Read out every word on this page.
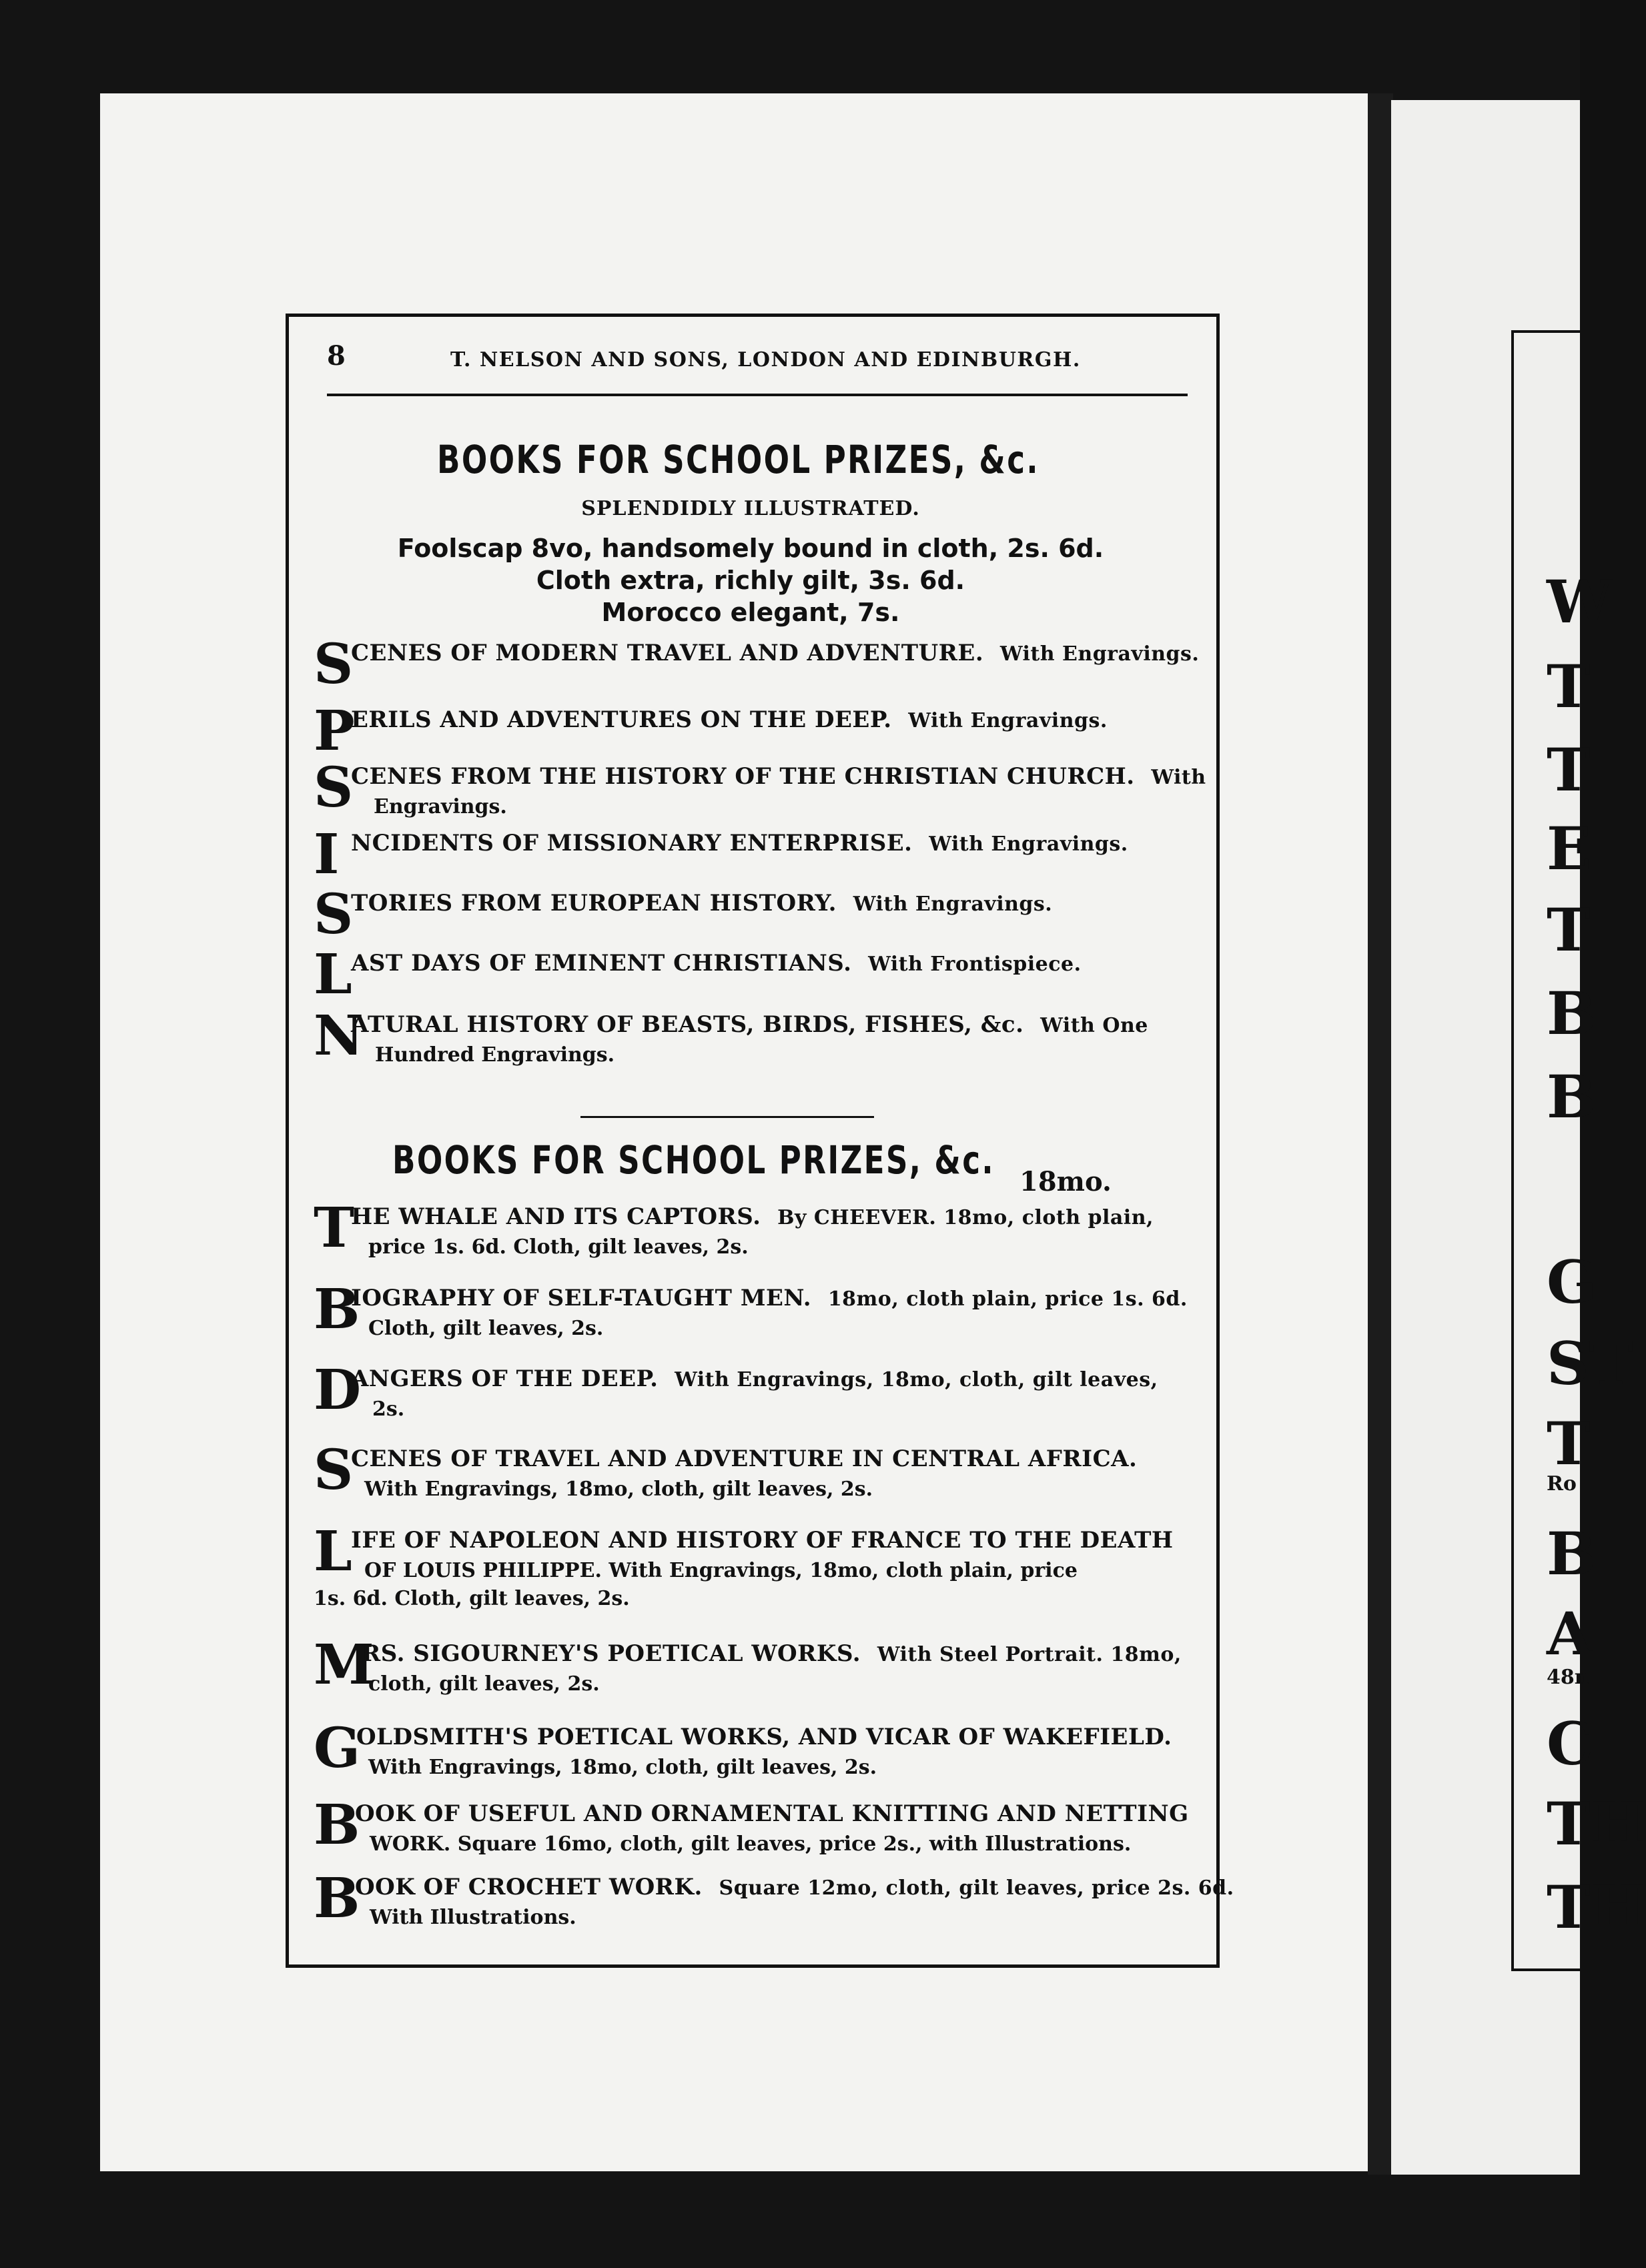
W
T
T
E
T
B
B
G
ST
T
Ro
B
A
48n
C
TH
TH
8	T. NELSON AND SONS, LONDON AND EDINBURGH.
BOOKS FOR SCHOOL PRIZES, &c.
SPLENDIDLY ILLUSTRATED.
Foolscap 8vo, handsomely bound in cloth, 2s. 6d.
Cloth extra, richly gilt, 3s. 6d.
Morocco elegant, 7s.
S
CENES OF MODERN TRAVEL AND ADVENTURE. With Engravings.
P
ERILS AND ADVENTURES ON THE DEEP. With Engravings.
S
CENES FROM THE HISTORY OF THE CHRISTIAN CHURCH. With
Engravings.
I NCIDENTS OF MISSIONARY ENTERPRISE. With Engravings.
S
TORIES FROM EUROPEAN HISTORY. With Engravings.
L
AST DAYS OF EMINENT CHRISTIANS. With Frontispiece.
N
ATURAL HISTORY OF BEASTS, BIRDS, FISHES, &c. With One
Hundred Engravings.
BOOKS FOR SCHOOL PRIZES, &c. 18mo.
T
HE WHALE AND ITS CAPTORS. By CHEEVER. 18mo, cloth plain,
price 1s. 6d. Cloth, gilt leaves, 2s.
B
IOGRAPHY OF SELF-TAUGHT MEN. 18mo, cloth plain, price 1s. 6d.
Cloth, gilt leaves, 2s.
D
ANGERS OF THE DEEP. With Engravings, 18mo, cloth, gilt leaves,
2s.
S
CENES OF TRAVEL AND ADVENTURE IN CENTRAL AFRICA.
With Engravings, 18mo, cloth, gilt leaves, 2s.
L
IFE OF NAPOLEON AND HISTORY OF FRANCE TO THE DEATH
OF LOUIS PHILIPPE. With Engravings, 18mo, cloth plain, price
1s. 6d. Cloth, gilt leaves, 2s.
M
RS. SIGOURNEY'S POETICAL WORKS. With Steel Portrait. 18mo,
cloth, gilt leaves, 2s.
G
OLDSMITH'S POETICAL WORKS, AND VICAR OF WAKEFIELD.
With Engravings, 18mo, cloth, gilt leaves, 2s.
B
OOK OF USEFUL AND ORNAMENTAL KNITTING AND NETTING
WORK. Square 16mo, cloth, gilt leaves, price 2s., with Illustrations.
B
OOK OF CROCHET WORK. Square 12mo, cloth, gilt leaves, price 2s. 6d.
With Illustrations.
